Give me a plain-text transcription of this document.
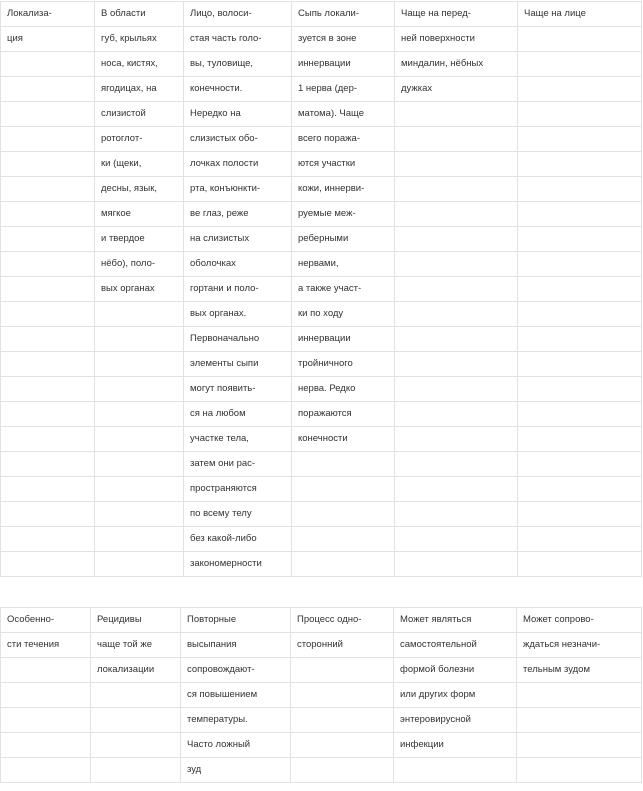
Локализа-	В области	Лицо, волоси-	Сыпь локали-	Чаще на перед-	Чаще на лице
ция	губ, крыльях	стая часть голо-	зуется в зоне	ней поверхности	
	носа, кистях,	вы, туловище,	иннервации	миндалин, нёбных	
	ягодицах, на	конечности.	1 нерва (дер-	дужках	
	слизистой	Нередко на	матома). Чаще		
	ротоглот-	слизистых обо-	всего поража-		
	ки (щеки,	лочках полости	ются участки		
	десны, язык,	рта, конъюнкти-	кожи, иннерви-		
	мягкое	ве глаз, реже	руемые меж-		
	и твердое	на слизистых	реберными		
	нёбо), поло-	оболочках	нервами,		
	вых органах	гортани и поло-	а также участ-		
		вых органах.	ки по ходу		
		Первоначально	иннервации		
		элементы сыпи	тройничного		
		могут появить-	нерва. Редко		
		ся на любом	поражаются		
		участке тела,	конечности		
		затем они рас-			
		пространяются			
		по всему телу			
		без какой-либо			
		закономерности			
Особенно-	Рецидивы	Повторные	Процесс одно-	Может являться	Может сопрово-
сти течения	чаще той же	высыпания	сторонний	самостоятельной	ждаться незначи-
	локализации	сопровождают-		формой болезни	тельным зудом
		ся повышением		или других форм	
		температуры.		энтеровирусной	
		Часто ложный		инфекции	
		зуд			
